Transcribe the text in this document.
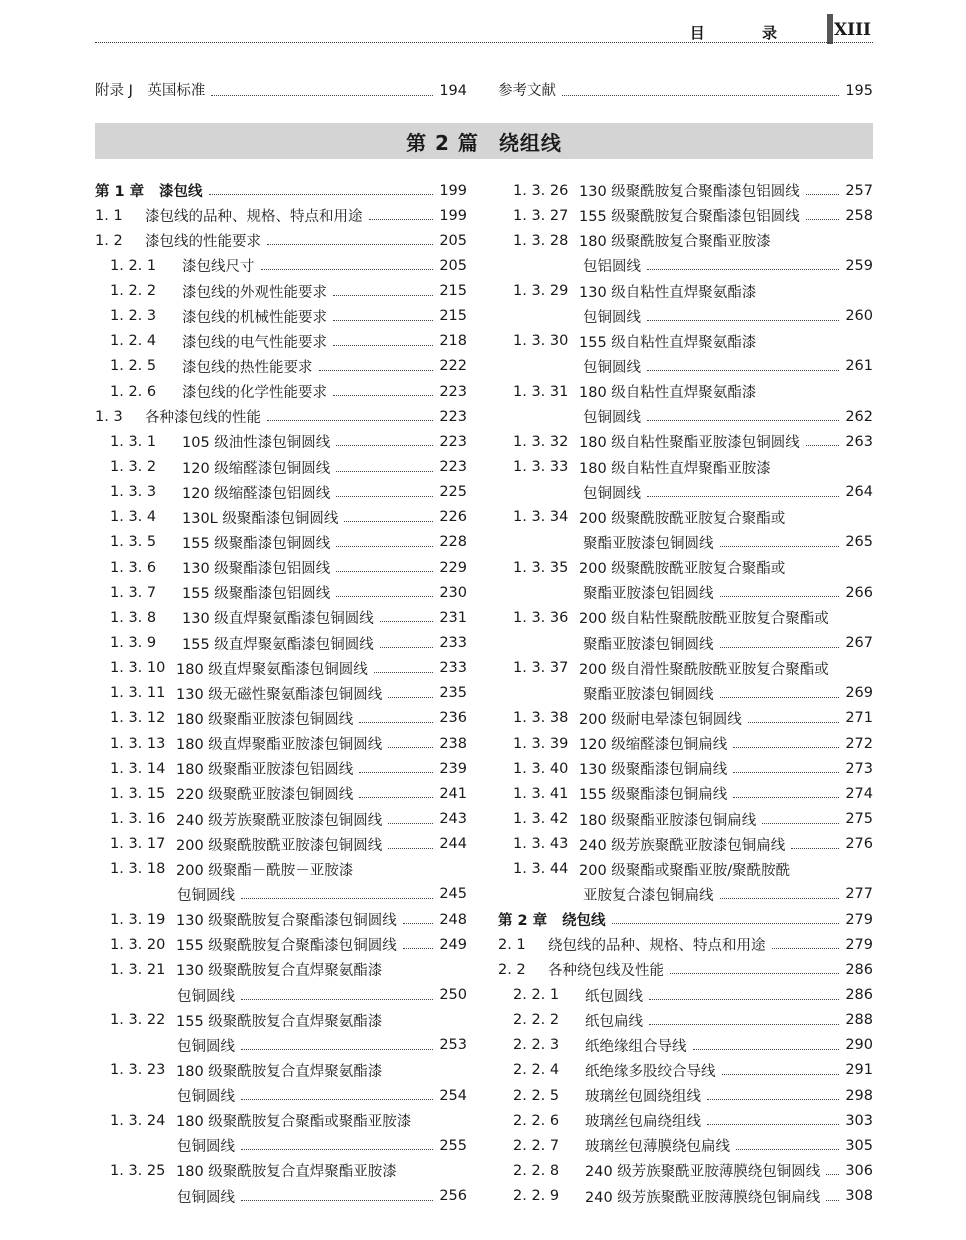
目 录 XIII
附录 J　英国标准	194 参考文献	195
第 2 篇 绕组线
第 1 章	漆包线	199
1. 1	漆包线的品种、规格、特点和用途	199
1. 2	漆包线的性能要求	205
1. 2. 1	漆包线尺寸	205
1. 2. 2	漆包线的外观性能要求	215
1. 2. 3	漆包线的机械性能要求	215
1. 2. 4	漆包线的电气性能要求	218
1. 2. 5	漆包线的热性能要求	222
1. 2. 6	漆包线的化学性能要求	223
1. 3	各种漆包线的性能	223
1. 3. 1	105 级油性漆包铜圆线	223
1. 3. 2	120 级缩醛漆包铜圆线	223
1. 3. 3	120 级缩醛漆包铝圆线	225
1. 3. 4	130L 级聚酯漆包铜圆线	226
1. 3. 5	155 级聚酯漆包铜圆线	228
1. 3. 6	130 级聚酯漆包铝圆线	229
1. 3. 7	155 级聚酯漆包铝圆线	230
1. 3. 8	130 级直焊聚氨酯漆包铜圆线	231
1. 3. 9	155 级直焊聚氨酯漆包铜圆线	233
1. 3. 10 180 级直焊聚氨酯漆包铜圆线	233
1. 3. 11 130 级无磁性聚氨酯漆包铜圆线	235
1. 3. 12 180 级聚酯亚胺漆包铜圆线	236
1. 3. 13 180 级直焊聚酯亚胺漆包铜圆线	238
1. 3. 14 180 级聚酯亚胺漆包铝圆线	239
1. 3. 15 220 级聚酰亚胺漆包铜圆线	241
1. 3. 16 240 级芳族聚酰亚胺漆包铜圆线	243
1. 3. 17 200 级聚酰胺酰亚胺漆包铜圆线	244
1. 3. 18 200 级聚酯－酰胺－亚胺漆
包铜圆线	245
1. 3. 19 130 级聚酰胺复合聚酯漆包铜圆线	248
1. 3. 20 155 级聚酰胺复合聚酯漆包铜圆线	249
1. 3. 21 130 级聚酰胺复合直焊聚氨酯漆
包铜圆线	250
1. 3. 22 155 级聚酰胺复合直焊聚氨酯漆
包铜圆线	253
1. 3. 23 180 级聚酰胺复合直焊聚氨酯漆
包铜圆线	254
1. 3. 24 180 级聚酰胺复合聚酯或聚酯亚胺漆
包铜圆线	255
1. 3. 25 180 级聚酰胺复合直焊聚酯亚胺漆
包铜圆线	256
1. 3. 26 130 级聚酰胺复合聚酯漆包铝圆线	257
1. 3. 27 155 级聚酰胺复合聚酯漆包铝圆线	258
1. 3. 28 180 级聚酰胺复合聚酯亚胺漆
包铝圆线	259
1. 3. 29 130 级自粘性直焊聚氨酯漆
包铜圆线	260
1. 3. 30 155 级自粘性直焊聚氨酯漆
包铜圆线	261
1. 3. 31 180 级自粘性直焊聚氨酯漆
包铜圆线	262
1. 3. 32 180 级自粘性聚酯亚胺漆包铜圆线	263
1. 3. 33 180 级自粘性直焊聚酯亚胺漆
包铜圆线	264
1. 3. 34 200 级聚酰胺酰亚胺复合聚酯或
聚酯亚胺漆包铜圆线	265
1. 3. 35 200 级聚酰胺酰亚胺复合聚酯或
聚酯亚胺漆包铝圆线	266
1. 3. 36 200 级自粘性聚酰胺酰亚胺复合聚酯或
聚酯亚胺漆包铜圆线	267
1. 3. 37 200 级自滑性聚酰胺酰亚胺复合聚酯或
聚酯亚胺漆包铜圆线	269
1. 3. 38 200 级耐电晕漆包铜圆线	271
1. 3. 39 120 级缩醛漆包铜扁线	272
1. 3. 40 130 级聚酯漆包铜扁线	273
1. 3. 41 155 级聚酯漆包铜扁线	274
1. 3. 42 180 级聚酯亚胺漆包铜扁线	275
1. 3. 43 240 级芳族聚酰亚胺漆包铜扁线	276
1. 3. 44 200 级聚酯或聚酯亚胺/聚酰胺酰
亚胺复合漆包铜扁线	277
第 2 章	绕包线	279
2. 1	绕包线的品种、规格、特点和用途	279
2. 2	各种绕包线及性能	286
2. 2. 1	纸包圆线	286
2. 2. 2	纸包扁线	288
2. 2. 3	纸绝缘组合导线	290
2. 2. 4	纸绝缘多股绞合导线	291
2. 2. 5	玻璃丝包圆绕组线	298
2. 2. 6	玻璃丝包扁绕组线	303
2. 2. 7	玻璃丝包薄膜绕包扁线	305
2. 2. 8	240 级芳族聚酰亚胺薄膜绕包铜圆线 306
2. 2. 9	240 级芳族聚酰亚胺薄膜绕包铜扁线 308
